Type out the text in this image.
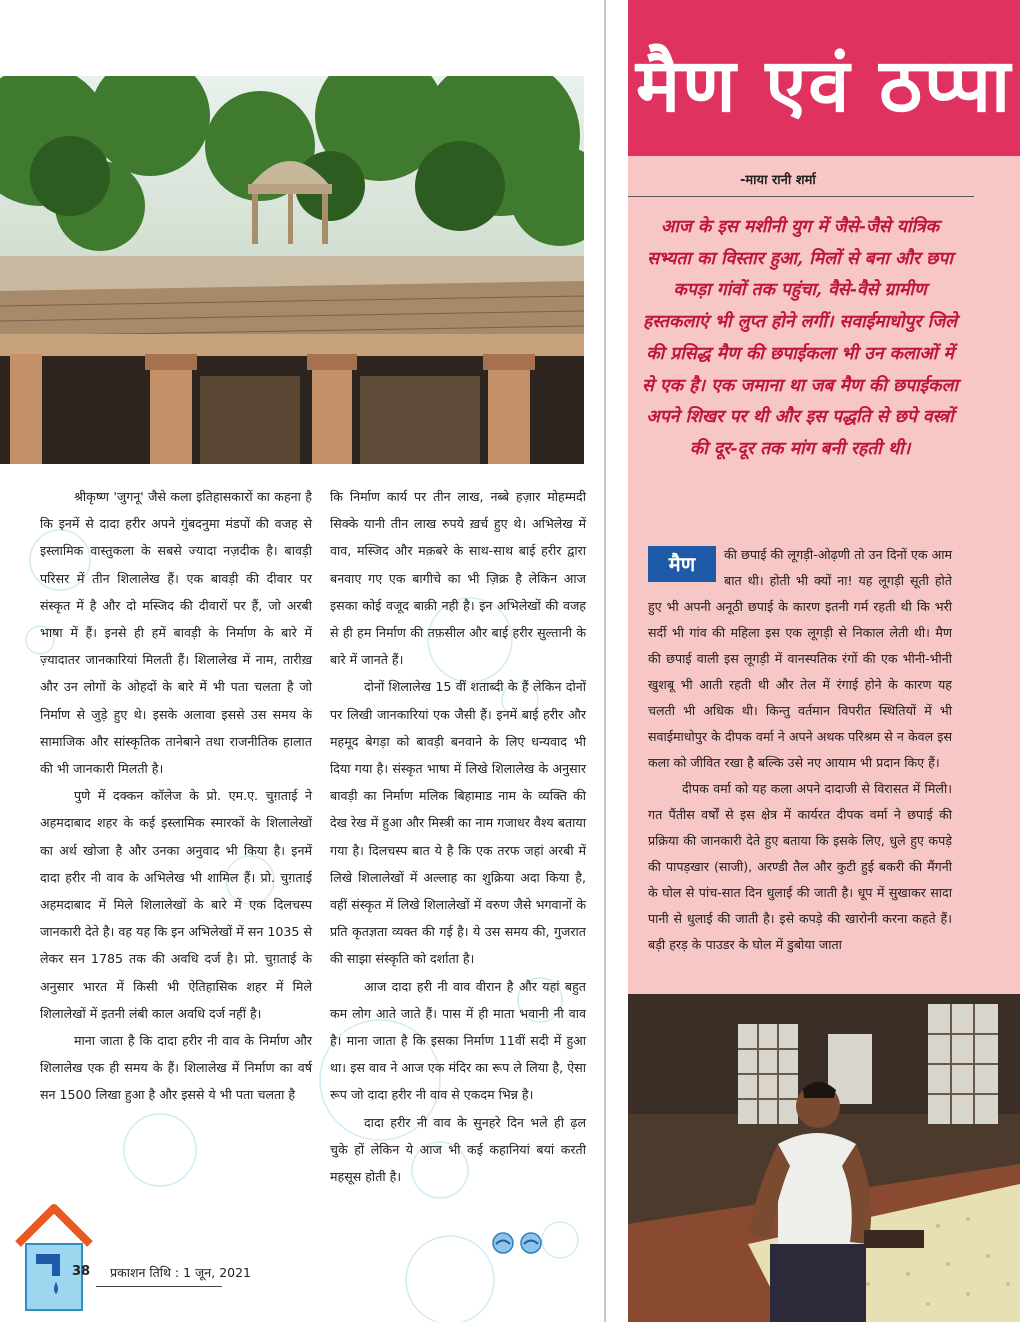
श्रीकृष्ण 'जुगनू' जैसे कला इतिहासकारों का कहना है कि इनमें से दादा हरीर अपने गुंबदनुमा मंडपों की वजह से इस्लामिक वास्तुकला के सबसे ज्यादा नज़दीक है। बावड़ी परिसर में तीन शिलालेख हैं। एक बावड़ी की दीवार पर संस्कृत में है और दो मस्जिद की दीवारों पर हैं, जो अरबी भाषा में हैं। इनसे ही हमें बावड़ी के निर्माण के बारे में ज़्यादातर जानकारियां मिलती हैं। शिलालेख में नाम, तारीख़ और उन लोगों के ओहदों के बारे में भी पता चलता है जो निर्माण से जुड़े हुए थे। इसके अलावा इससे उस समय के सामाजिक और सांस्कृतिक तानेबाने तथा राजनीतिक हालात की भी जानकारी मिलती है।

पुणे में दक्कन कॉलेज के प्रो. एम.ए. चुग़ताई ने अहमदाबाद शहर के कई इस्लामिक स्मारकों के शिलालेखों का अर्थ खोजा है और उनका अनुवाद भी किया है। इनमें दादा हरीर नी वाव के अभिलेख भी शामिल हैं। प्रो. चुग़ताई अहमदाबाद में मिले शिलालेखों के बारे में एक दिलचस्प जानकारी देते है। वह यह कि इन अभिलेखों में सन 1035 से लेकर सन 1785 तक की अवधि दर्ज है। प्रो. चुग़ताई के अनुसार भारत में किसी भी ऐतिहासिक शहर में मिले शिलालेखों में इतनी लंबी काल अवधि दर्ज नहीं है।

माना जाता है कि दादा हरीर नी वाव के निर्माण और शिलालेख एक ही समय के हैं। शिलालेख में निर्माण का वर्ष सन 1500 लिखा हुआ है और इससे ये भी पता चलता है

कि निर्माण कार्य पर तीन लाख, नब्बे हज़ार मोहम्मदी सिक्के यानी तीन लाख रुपये ख़र्च हुए थे। अभिलेख में वाव, मस्जिद और मक़बरे के साथ-साथ बाई हरीर द्वारा बनवाए गए एक बागीचे का भी ज़िक्र है लेकिन आज इसका कोई वजूद बाक़ी नही है। इन अभिलेखों की वजह से ही हम निर्माण की तफ़सील और बाई हरीर सुल्तानी के बारे में जानते हैं।

दोनों शिलालेख 15 वीं शताब्दी के हैं लेकिन दोनों पर लिखी जानकारियां एक जैसी हैं। इनमें बाई हरीर और महमूद बेगड़ा को बावड़ी बनवाने के लिए धन्यवाद भी दिया गया है। संस्कृत भाषा में लिखे शिलालेख के अनुसार बावड़ी का निर्माण मलिक बिहामाड नाम के व्यक्ति की देख रेख में हुआ और मिस्त्री का नाम गजाधर वैश्य बताया गया है। दिलचस्प बात ये है कि एक तरफ जहां अरबी में लिखे शिलालेखों में अल्लाह का शुक्रिया अदा किया है, वहीं संस्कृत में लिखे शिलालेखों में वरुण जैसे भगवानों के प्रति कृतज्ञता व्यक्त की गई है। ये उस समय की, गुजरात की साझा संस्कृति को दर्शाता है।

आज दादा हरी नी वाव वीरान है और यहां बहुत कम लोग आते जाते हैं। पास में ही माता भवानी नी वाव है। माना जाता है कि इसका निर्माण 11वीं सदी में हुआ था। इस वाव ने आज एक मंदिर का रूप ले लिया है, ऐसा रूप जो दादा हरीर नी वाव से एकदम भिन्न है।

दादा हरीर नी वाव के सुनहरे दिन भले ही ढ़ल चुके हों लेकिन ये आज भी कई कहानियां बयां करती महसूस होती है।

मैण एवं ठप्पा
-माया रानी शर्मा
आज के इस मशीनी युग में जैसे-जैसे यांत्रिक सभ्यता का विस्तार हुआ, मिलों से बना और छपा कपड़ा गांवों तक पहुंचा, वैसे-वैसे ग्रामीण हस्तकलाएं भी लुप्त होने लगीं। सवाईमाधोपुर जिले की प्रसिद्ध मैण की छपाईकला भी उन कलाओं में से एक है। एक जमाना था जब मैण की छपाईकला अपने शिखर पर थी और इस पद्धति से छपे वस्त्रों की दूर-दूर तक मांग बनी रहती थी।

मैण	की छपाई की लूगड़ी-ओढ़णी तो उन दिनों एक आम बात थी। होती भी क्यों ना! यह लूगड़ी सूती होते हुए भी अपनी अनूठी छपाई के कारण इतनी गर्म रहती थी कि भरी सर्दी भी गांव की महिला इस एक लूगड़ी से निकाल लेती थी। मैण की छपाई वाली इस लूगड़ी में वानस्पतिक रंगों की एक भीनी-भीनी खुशबू भी आती रहती थी और तेल में रंगाई होने के कारण यह चलती भी अधिक थी। किन्तु वर्तमान विपरीत स्थितियों में भी सवाईमाधोपुर के दीपक वर्मा ने अपने अथक परिश्रम से न केवल इस कला को जीवित रखा है बल्कि उसे नए आयाम भी प्रदान किए हैं।

दीपक वर्मा को यह कला अपने दादाजी से विरासत में मिली। गत पैंतीस वर्षों से इस क्षेत्र में कार्यरत दीपक वर्मा ने छपाई की प्रक्रिया की जानकारी देते हुए बताया कि इसके लिए, धुले हुए कपड़े की पापड़खार (साजी), अरण्डी तैल और कुटी हुई बकरी की मैंगनी के घोल से पांच-सात दिन धुलाई की जाती है। धूप में सुखाकर सादा पानी से धुलाई की जाती है। इसे कपड़े की खारोनी करना कहते हैं। बड़ी हरड़ के पाउडर के घोल में डुबोया जाता

38 प्रकाशन तिथि : 1 जून, 2021
